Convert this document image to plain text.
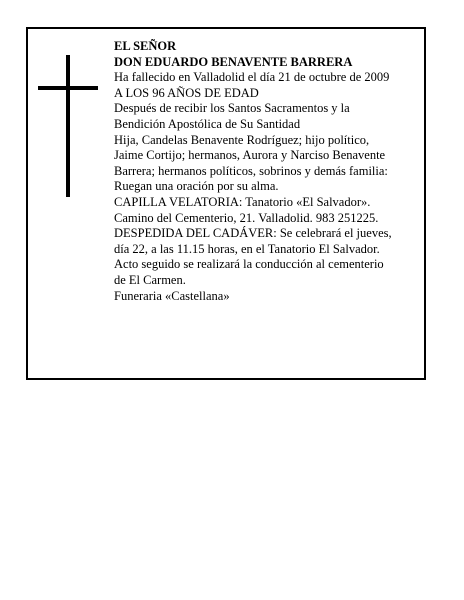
EL SEÑOR
DON EDUARDO BENAVENTE BARRERA
Ha fallecido en Valladolid el día 21 de octubre de 2009
A LOS 96 AÑOS DE EDAD
Después de recibir los Santos Sacramentos y la
Bendición Apostólica de Su Santidad
Hija, Candelas Benavente Rodríguez; hijo político,
Jaime Cortijo; hermanos, Aurora y Narciso Benavente
Barrera; hermanos políticos, sobrinos y demás familia:
Ruegan una oración por su alma.
CAPILLA VELATORIA: Tanatorio «El Salvador».
Camino del Cementerio, 21. Valladolid. 983 251225.
DESPEDIDA DEL CADÁVER: Se celebrará el jueves,
día 22, a las 11.15 horas, en el Tanatorio El Salvador.
Acto seguido se realizará la conducción al cementerio
de El Carmen.
Funeraria «Castellana»
